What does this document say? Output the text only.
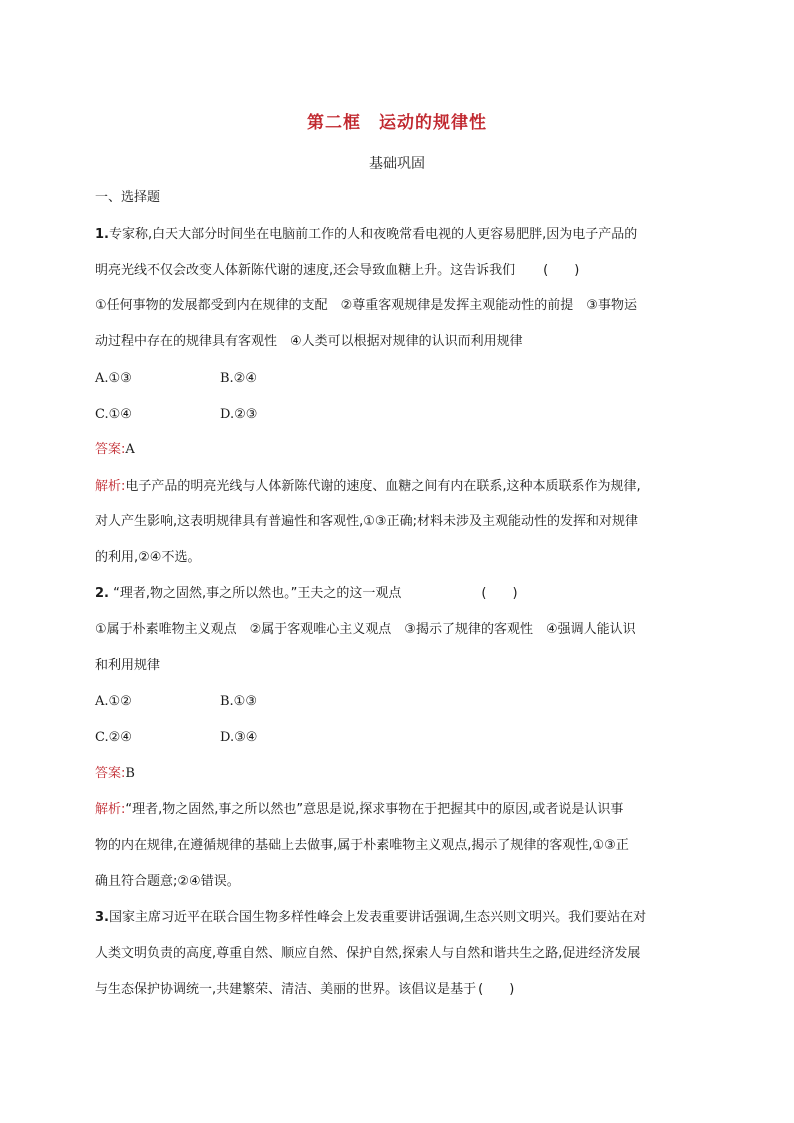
第二框　运动的规律性
基础巩固
一、选择题
1.专家称,白天大部分时间坐在电脑前工作的人和夜晚常看电视的人更容易肥胖,因为电子产品的
明亮光线不仅会改变人体新陈代谢的速度,还会导致血糖上升。这告诉我们 (　　)
①任何事物的发展都受到内在规律的支配　②尊重客观规律是发挥主观能动性的前提　③事物运
动过程中存在的规律具有客观性　④人类可以根据对规律的认识而利用规律
A.①③	B.②④
C.①④	D.②③
答案:A
解析:电子产品的明亮光线与人体新陈代谢的速度、血糖之间有内在联系,这种本质联系作为规律,
对人产生影响,这表明规律具有普遍性和客观性,①③正确;材料未涉及主观能动性的发挥和对规律
的利用,②④不选。
2. “理者,物之固然,事之所以然也。”王夫之的这一观点	(　　)
①属于朴素唯物主义观点　②属于客观唯心主义观点　③揭示了规律的客观性　④强调人能认识
和利用规律
A.①②	B.①③
C.②④	D.③④
答案:B
解析:“理者,物之固然,事之所以然也”意思是说,探求事物在于把握其中的原因,或者说是认识事
物的内在规律,在遵循规律的基础上去做事,属于朴素唯物主义观点,揭示了规律的客观性,①③正
确且符合题意;②④错误。
3.国家主席习近平在联合国生物多样性峰会上发表重要讲话强调,生态兴则文明兴。我们要站在对
人类文明负责的高度,尊重自然、顺应自然、保护自然,探索人与自然和谐共生之路,促进经济发展
与生态保护协调统一,共建繁荣、清洁、美丽的世界。该倡议是基于 (　　)
